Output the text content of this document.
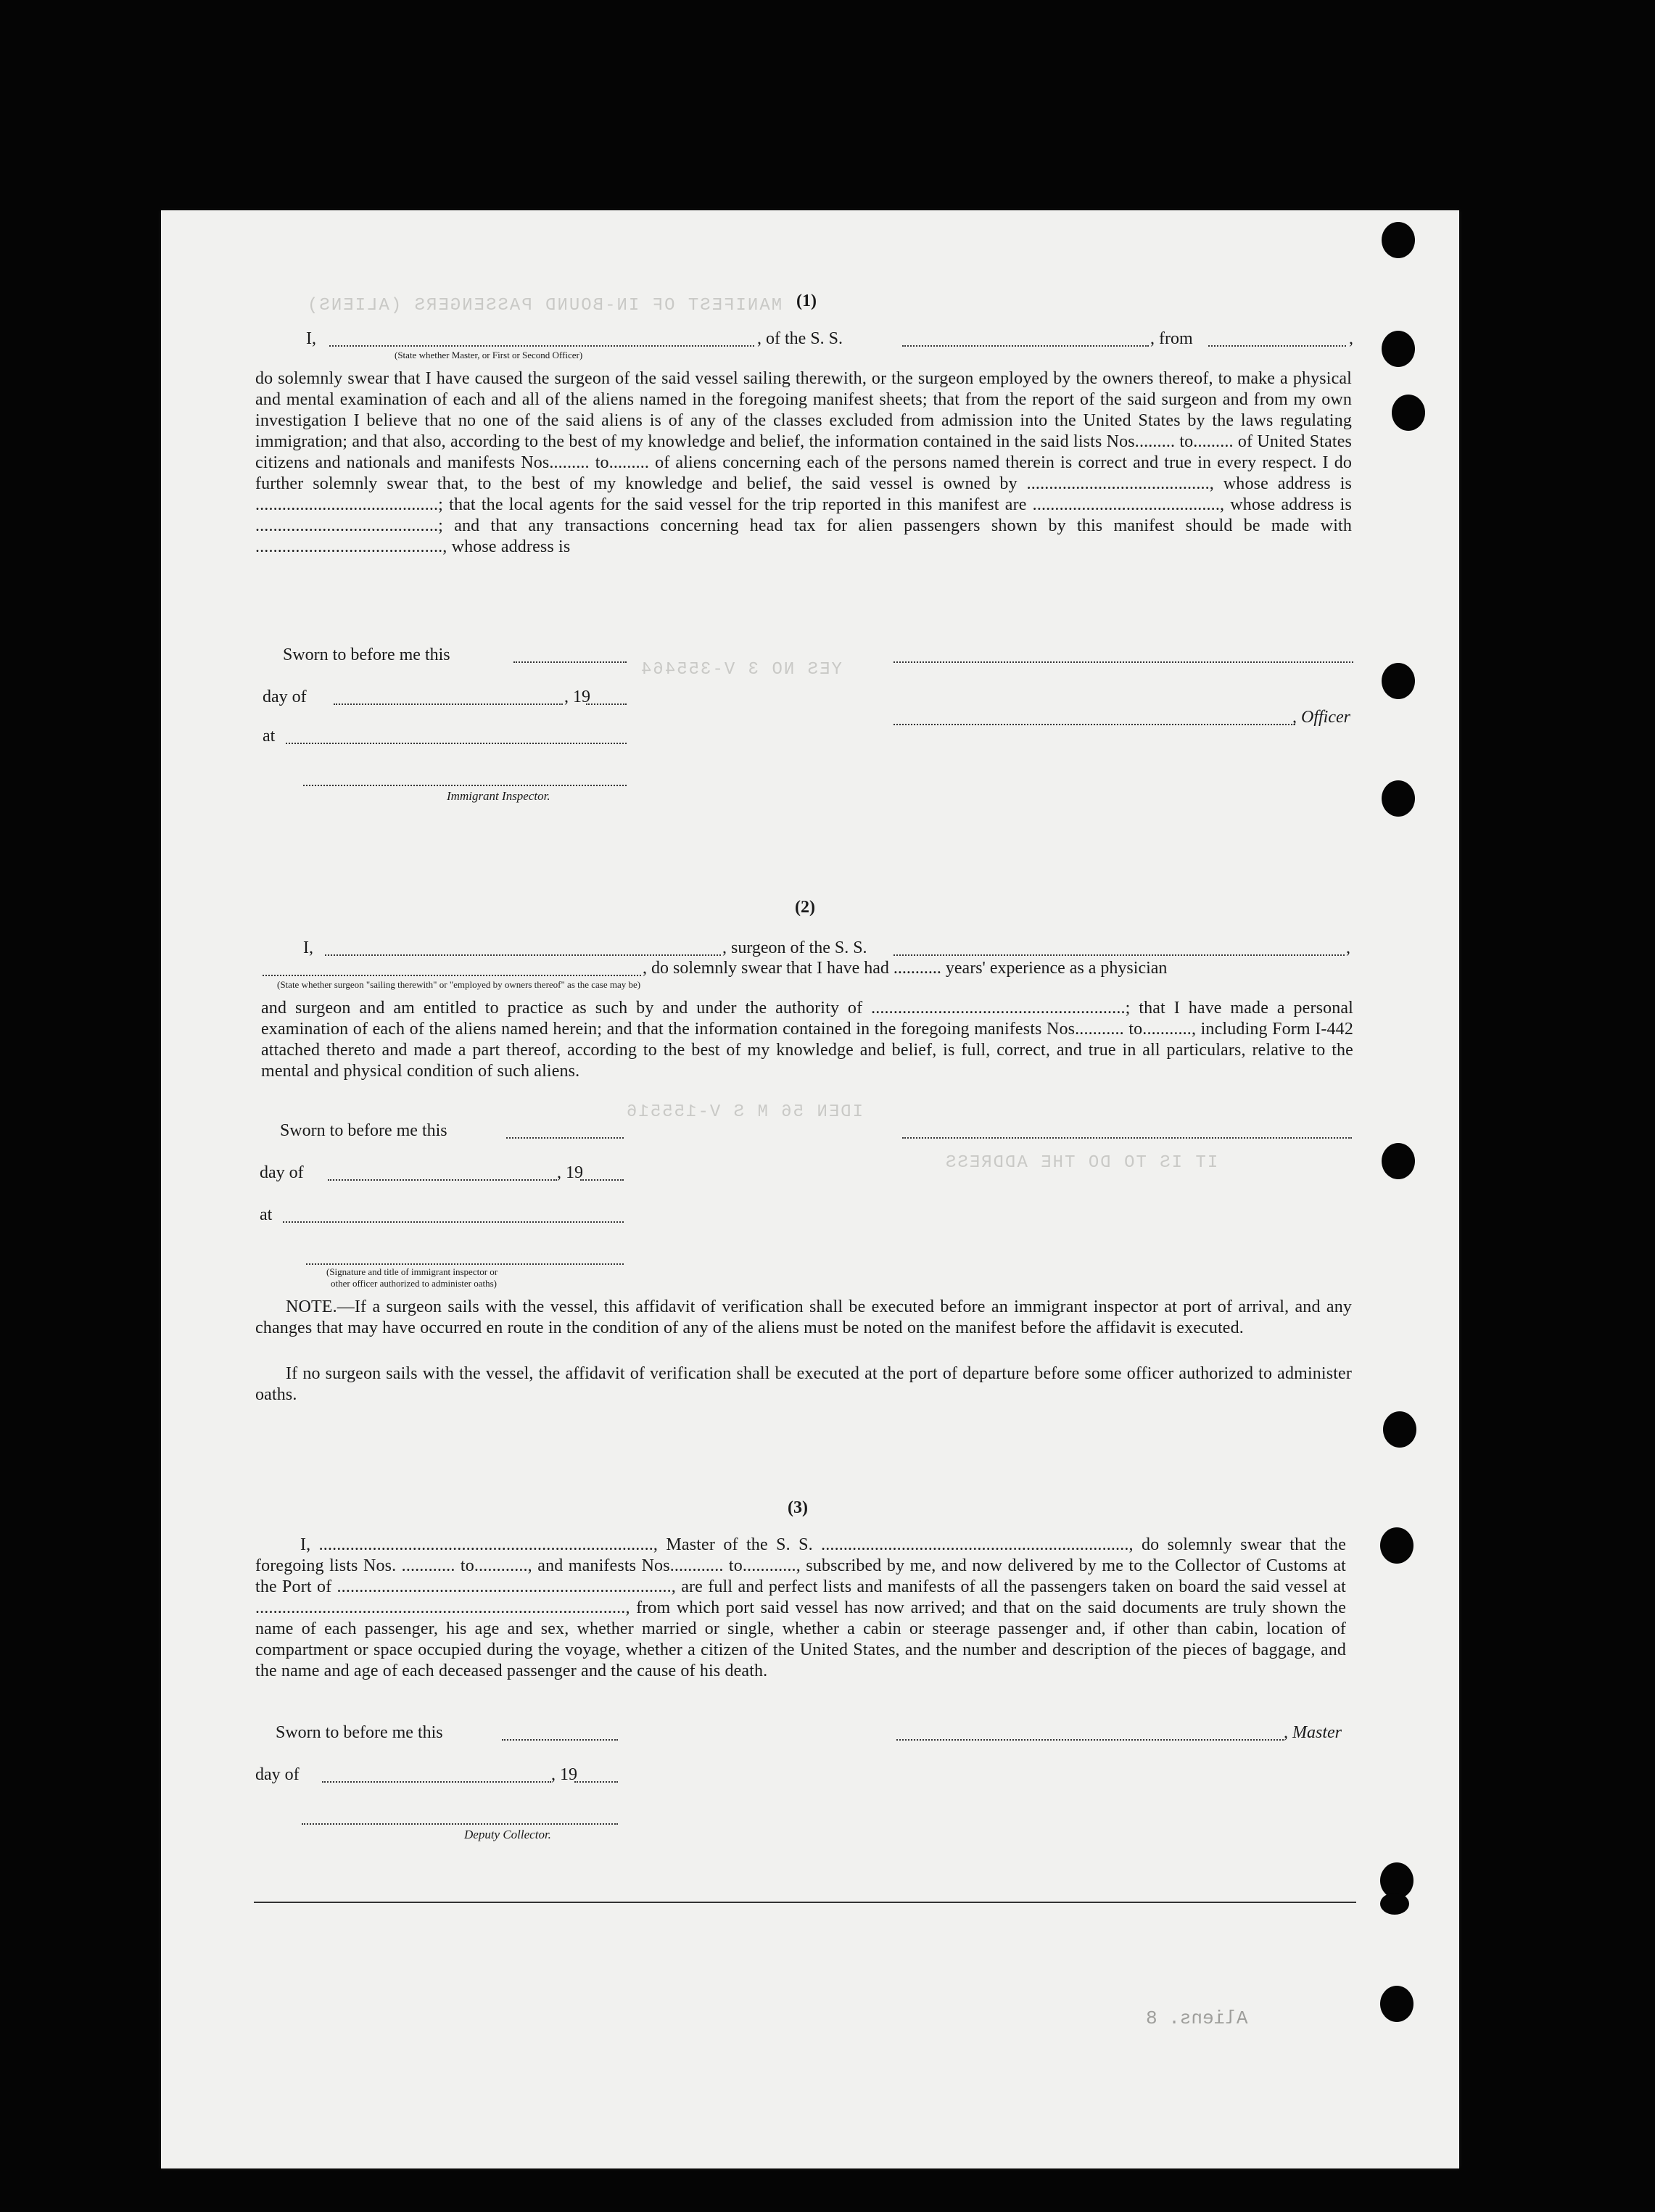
MANIFEST OF IN-BOUND PASSENGERS (ALIENS)
YES NO 3 V-355464
IDEN 56 M S V-155516
IT IS TO DO THE ADDRESS
(1)
I,	, of the S. S.	, from	,
(State whether Master, or First or Second Officer)
do solemnly swear that I have caused the surgeon of the said vessel sailing therewith, or the surgeon employed by the owners thereof, to make a physical and mental examination of each and all of the aliens named in the foregoing manifest sheets; that from the report of the said surgeon and from my own investigation I believe that no one of the said aliens is of any of the classes excluded from admission into the United States by the laws regulating immigration; and that also, according to the best of my knowledge and belief, the information contained in the said lists Nos......... to......... of United States citizens and nationals and manifests Nos......... to......... of aliens concerning each of the persons named therein is correct and true in every respect. I do further solemnly swear that, to the best of my knowledge and belief, the said vessel is owned by ........................................., whose address is .........................................; that the local agents for the said vessel for the trip reported in this manifest are .........................................., whose address is .........................................; and that any transactions concerning head tax for alien passengers shown by this manifest should be made with .........................................., whose address is
Sworn to before me this
day of	, 19
, Officer
at
Immigrant Inspector.
(2)
I,	, surgeon of the S. S.	,
, do solemnly swear that I have had ........... years' experience as a physician
(State whether surgeon "sailing therewith" or "employed by owners thereof" as the case may be)
and surgeon and am entitled to practice as such by and under the authority of .........................................................; that I have made a personal examination of each of the aliens named herein; and that the information contained in the foregoing manifests Nos........... to..........., including Form I-442 attached thereto and made a part thereof, according to the best of my knowledge and belief, is full, correct, and true in all particulars, relative to the mental and physical condition of such aliens.
Sworn to before me this
day of	, 19
at
(Signature and title of immigrant inspector or
other officer authorized to administer oaths)
NOTE.—If a surgeon sails with the vessel, this affidavit of verification shall be executed before an immigrant inspector at port of arrival, and any changes that may have occurred en route in the condition of any of the aliens must be noted on the manifest before the affidavit is executed.
If no surgeon sails with the vessel, the affidavit of verification shall be executed at the port of departure before some officer authorized to administer oaths.
(3)
I, ..........................................................................., Master of the S. S. ....................................................................., do solemnly swear that the foregoing lists Nos. ............ to............, and manifests Nos............ to............, subscribed by me, and now delivered by me to the Collector of Customs at the Port of ..........................................................................., are full and perfect lists and manifests of all the passengers taken on board the said vessel at ..................................................................................., from which port said vessel has now arrived; and that on the said documents are truly shown the name of each passenger, his age and sex, whether married or single, whether a cabin or steerage passenger and, if other than cabin, location of compartment or space occupied during the voyage, whether a citizen of the United States, and the number and description of the pieces of baggage, and the name and age of each deceased passenger and the cause of his death.
Sworn to before me this	, Master
day of	, 19
Deputy Collector.
Aliens. 8
